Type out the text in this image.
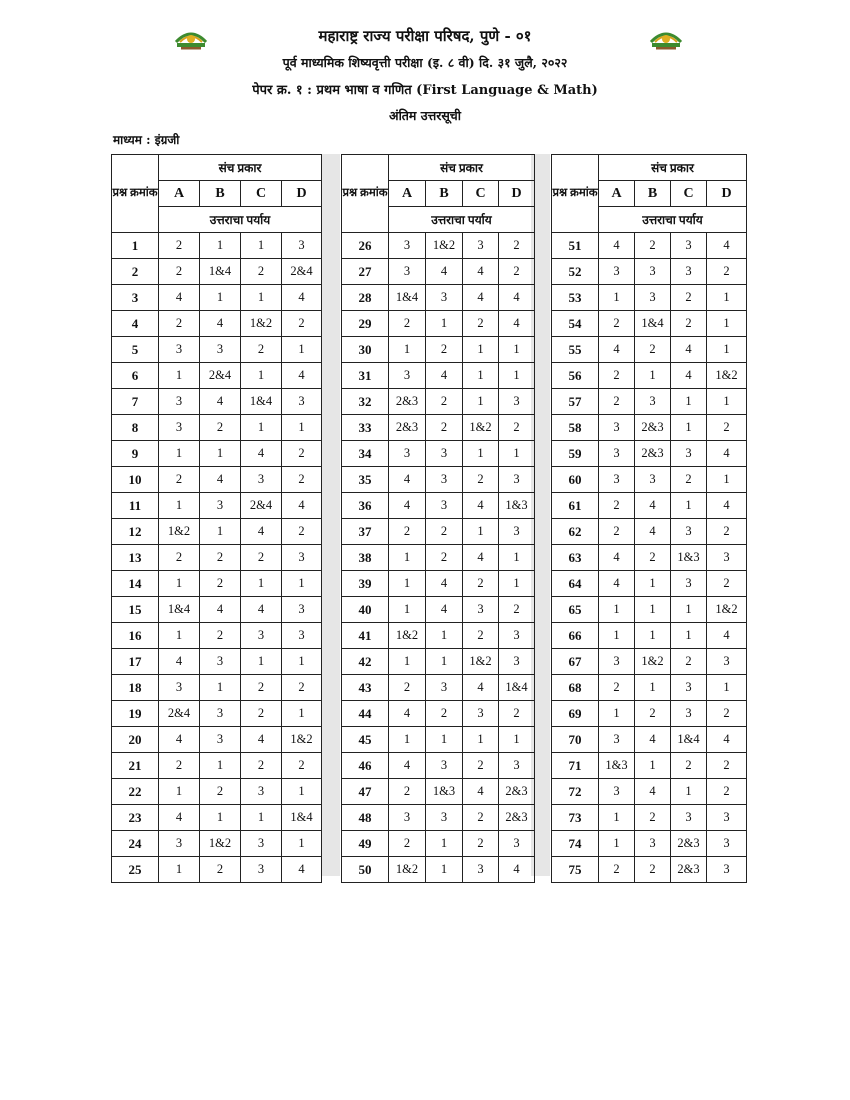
महाराष्ट्र राज्य परीक्षा परिषद, पुणे - ०१
पूर्व माध्यमिक शिष्यवृत्ती परीक्षा (इ. ८ वी) दि. ३१ जुलै, २०२२
पेपर क्र. १ : प्रथम भाषा व गणित (First Language & Math)
अंतिम उत्तरसूची
माध्यम : इंग्रजी
प्रश्न क्रमांक	संच प्रकार			
	A	B	C	D
	उत्तराचा पर्याय			
1	2	1	1	3
2	2	1&4	2	2&4
3	4	1	1	4
4	2	4	1&2	2
5	3	3	2	1
6	1	2&4	1	4
7	3	4	1&4	3
8	3	2	1	1
9	1	1	4	2
10	2	4	3	2
11	1	3	2&4	4
12	1&2	1	4	2
13	2	2	2	3
14	1	2	1	1
15	1&4	4	4	3
16	1	2	3	3
17	4	3	1	1
18	3	1	2	2
19	2&4	3	2	1
20	4	3	4	1&2
21	2	1	2	2
22	1	2	3	1
23	4	1	1	1&4
24	3	1&2	3	1
25	1	2	3	4
प्रश्न क्रमांक	संच प्रकार			
	A	B	C	D
	उत्तराचा पर्याय			
26	3	1&2	3	2
27	3	4	4	2
28	1&4	3	4	4
29	2	1	2	4
30	1	2	1	1
31	3	4	1	1
32	2&3	2	1	3
33	2&3	2	1&2	2
34	3	3	1	1
35	4	3	2	3
36	4	3	4	1&3
37	2	2	1	3
38	1	2	4	1
39	1	4	2	1
40	1	4	3	2
41	1&2	1	2	3
42	1	1	1&2	3
43	2	3	4	1&4
44	4	2	3	2
45	1	1	1	1
46	4	3	2	3
47	2	1&3	4	2&3
48	3	3	2	2&3
49	2	1	2	3
50	1&2	1	3	4
प्रश्न क्रमांक	संच प्रकार			
	A	B	C	D
	उत्तराचा पर्याय			
51	4	2	3	4
52	3	3	3	2
53	1	3	2	1
54	2	1&4	2	1
55	4	2	4	1
56	2	1	4	1&2
57	2	3	1	1
58	3	2&3	1	2
59	3	2&3	3	4
60	3	3	2	1
61	2	4	1	4
62	2	4	3	2
63	4	2	1&3	3
64	4	1	3	2
65	1	1	1	1&2
66	1	1	1	4
67	3	1&2	2	3
68	2	1	3	1
69	1	2	3	2
70	3	4	1&4	4
71	1&3	1	2	2
72	3	4	1	2
73	1	2	3	3
74	1	3	2&3	3
75	2	2	2&3	3
